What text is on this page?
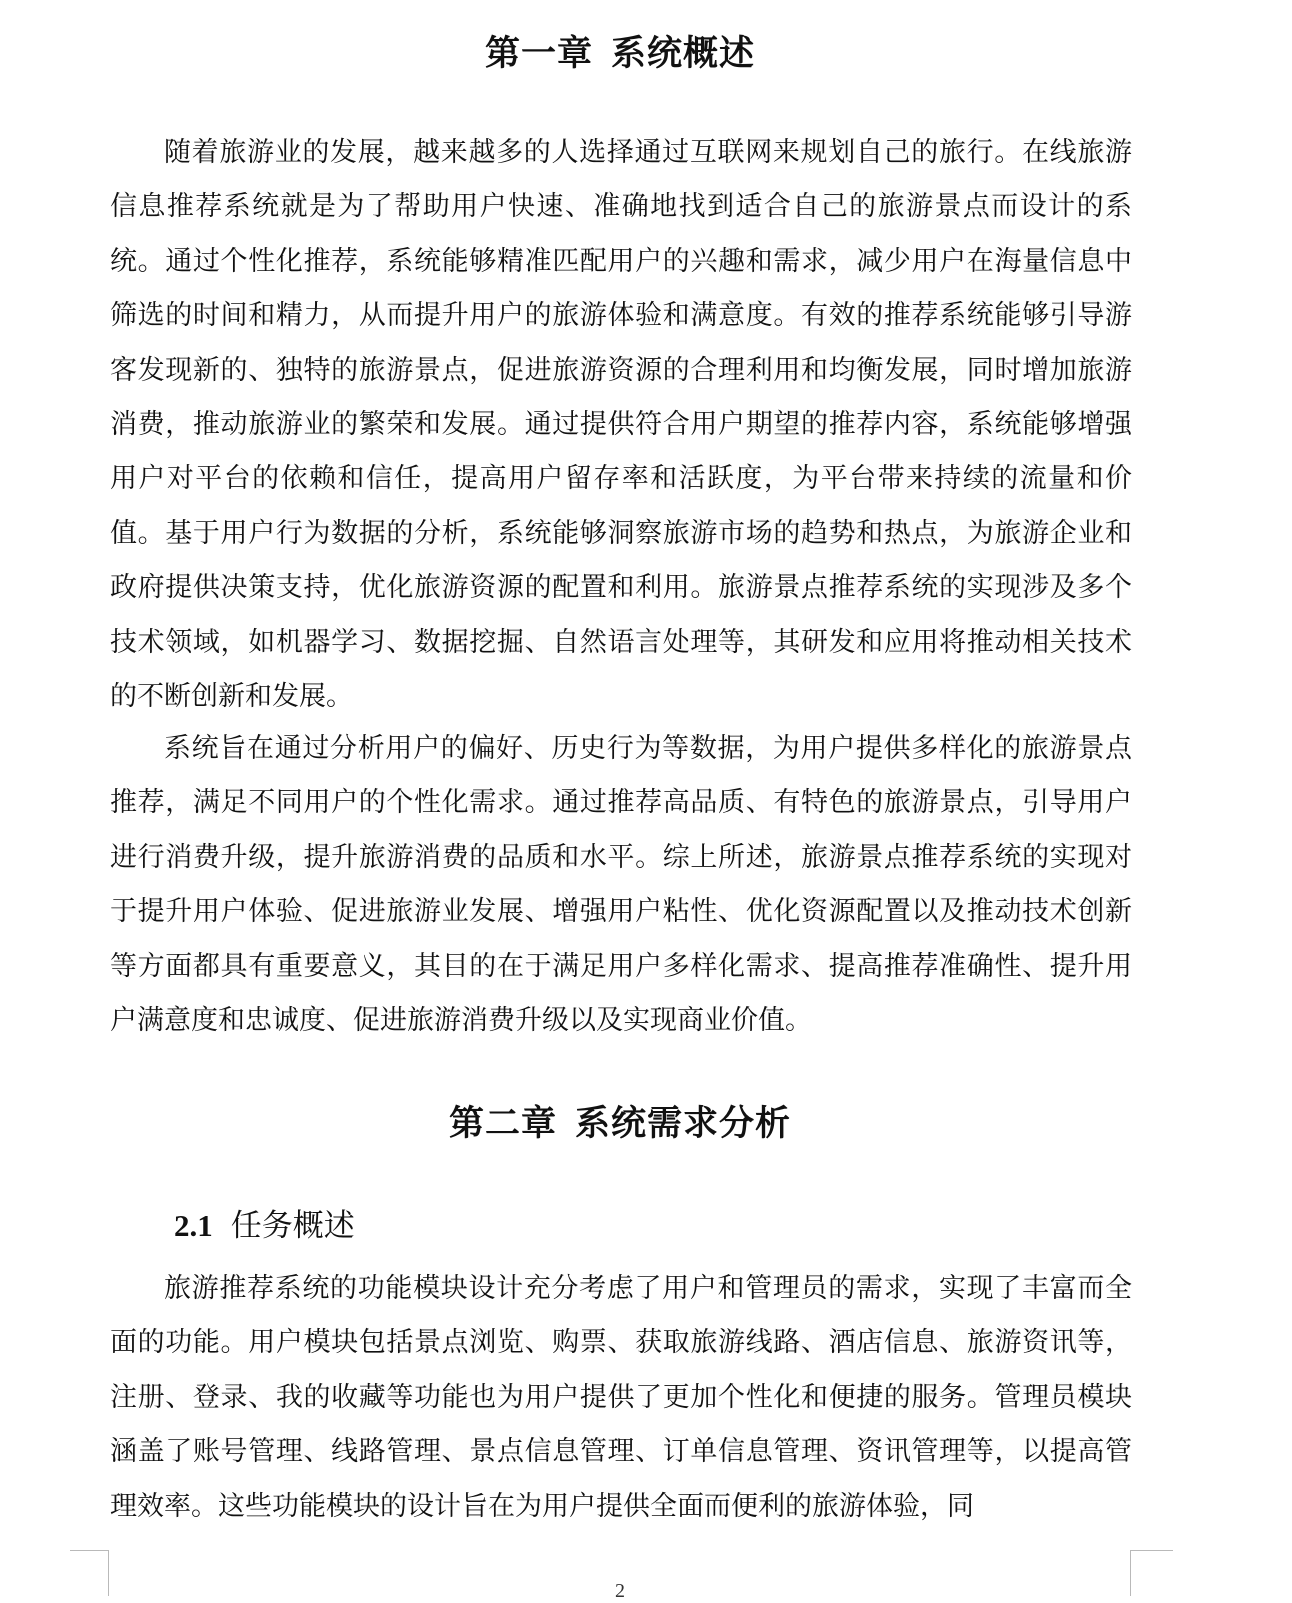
第一章 系统概述

随着旅游业的发展，越来越多的人选择通过互联网来规划自己的旅行。在线旅游信息推荐系统就是为了帮助用户快速、准确地找到适合自己的旅游景点而设计的系统。通过个性化推荐，系统能够精准匹配用户的兴趣和需求，减少用户在海量信息中筛选的时间和精力，从而提升用户的旅游体验和满意度。有效的推荐系统能够引导游客发现新的、独特的旅游景点，促进旅游资源的合理利用和均衡发展，同时增加旅游消费，推动旅游业的繁荣和发展。通过提供符合用户期望的推荐内容，系统能够增强用户对平台的依赖和信任，提高用户留存率和活跃度，为平台带来持续的流量和价值。基于用户行为数据的分析，系统能够洞察旅游市场的趋势和热点，为旅游企业和政府提供决策支持，优化旅游资源的配置和利用。旅游景点推荐系统的实现涉及多个技术领域，如机器学习、数据挖掘、自然语言处理等，其研发和应用将推动相关技术的不断创新和发展。

系统旨在通过分析用户的偏好、历史行为等数据，为用户提供多样化的旅游景点推荐，满足不同用户的个性化需求。通过推荐高品质、有特色的旅游景点，引导用户进行消费升级，提升旅游消费的品质和水平。综上所述，旅游景点推荐系统的实现对于提升用户体验、促进旅游业发展、增强用户粘性、优化资源配置以及推动技术创新等方面都具有重要意义，其目的在于满足用户多样化需求、提高推荐准确性、提升用户满意度和忠诚度、促进旅游消费升级以及实现商业价值。

第二章 系统需求分析
2.1 任务概述

旅游推荐系统的功能模块设计充分考虑了用户和管理员的需求，实现了丰富而全面的功能。用户模块包括景点浏览、购票、获取旅游线路、酒店信息、旅游资讯等，注册、登录、我的收藏等功能也为用户提供了更加个性化和便捷的服务。管理员模块涵盖了账号管理、线路管理、景点信息管理、订单信息管理、资讯管理等，以提高管理效率。这些功能模块的设计旨在为用户提供全面而便利的旅游体验，同

2
